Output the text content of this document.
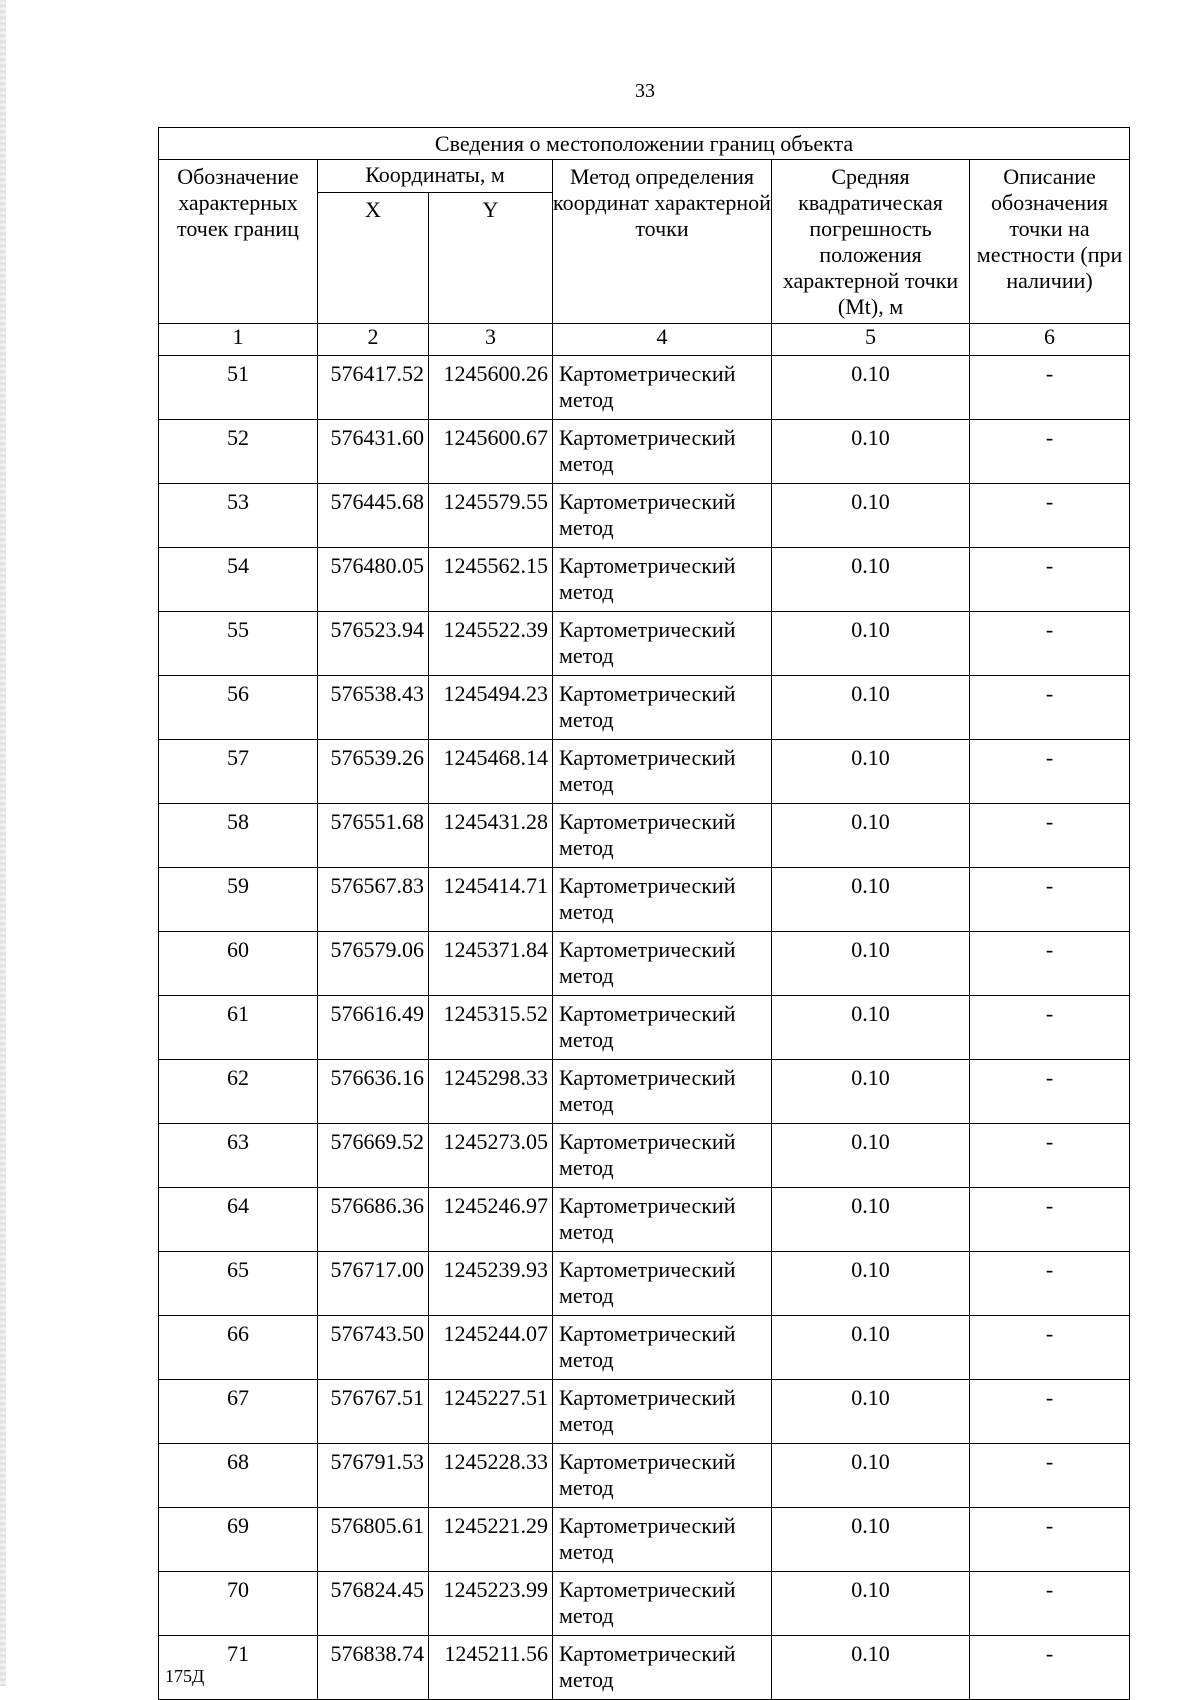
33
Сведения о местоположении границ объекта					
Обозначение характерных точек границ	Координаты, м		Метод определения координат характерной точки	Средняя квадратическая погрешность положения характерной точки (Mt), м	Описание обозначения точки на местности (при наличии)
	X	Y			
1	2	3	4	5	6
51	576417.52	1245600.26	Картометрический метод	0.10	-
52	576431.60	1245600.67	Картометрический метод	0.10	-
53	576445.68	1245579.55	Картометрический метод	0.10	-
54	576480.05	1245562.15	Картометрический метод	0.10	-
55	576523.94	1245522.39	Картометрический метод	0.10	-
56	576538.43	1245494.23	Картометрический метод	0.10	-
57	576539.26	1245468.14	Картометрический метод	0.10	-
58	576551.68	1245431.28	Картометрический метод	0.10	-
59	576567.83	1245414.71	Картометрический метод	0.10	-
60	576579.06	1245371.84	Картометрический метод	0.10	-
61	576616.49	1245315.52	Картометрический метод	0.10	-
62	576636.16	1245298.33	Картометрический метод	0.10	-
63	576669.52	1245273.05	Картометрический метод	0.10	-
64	576686.36	1245246.97	Картометрический метод	0.10	-
65	576717.00	1245239.93	Картометрический метод	0.10	-
66	576743.50	1245244.07	Картометрический метод	0.10	-
67	576767.51	1245227.51	Картометрический метод	0.10	-
68	576791.53	1245228.33	Картометрический метод	0.10	-
69	576805.61	1245221.29	Картометрический метод	0.10	-
70	576824.45	1245223.99	Картометрический метод	0.10	-
71	576838.74	1245211.56	Картометрический метод	0.10	-
175Д
